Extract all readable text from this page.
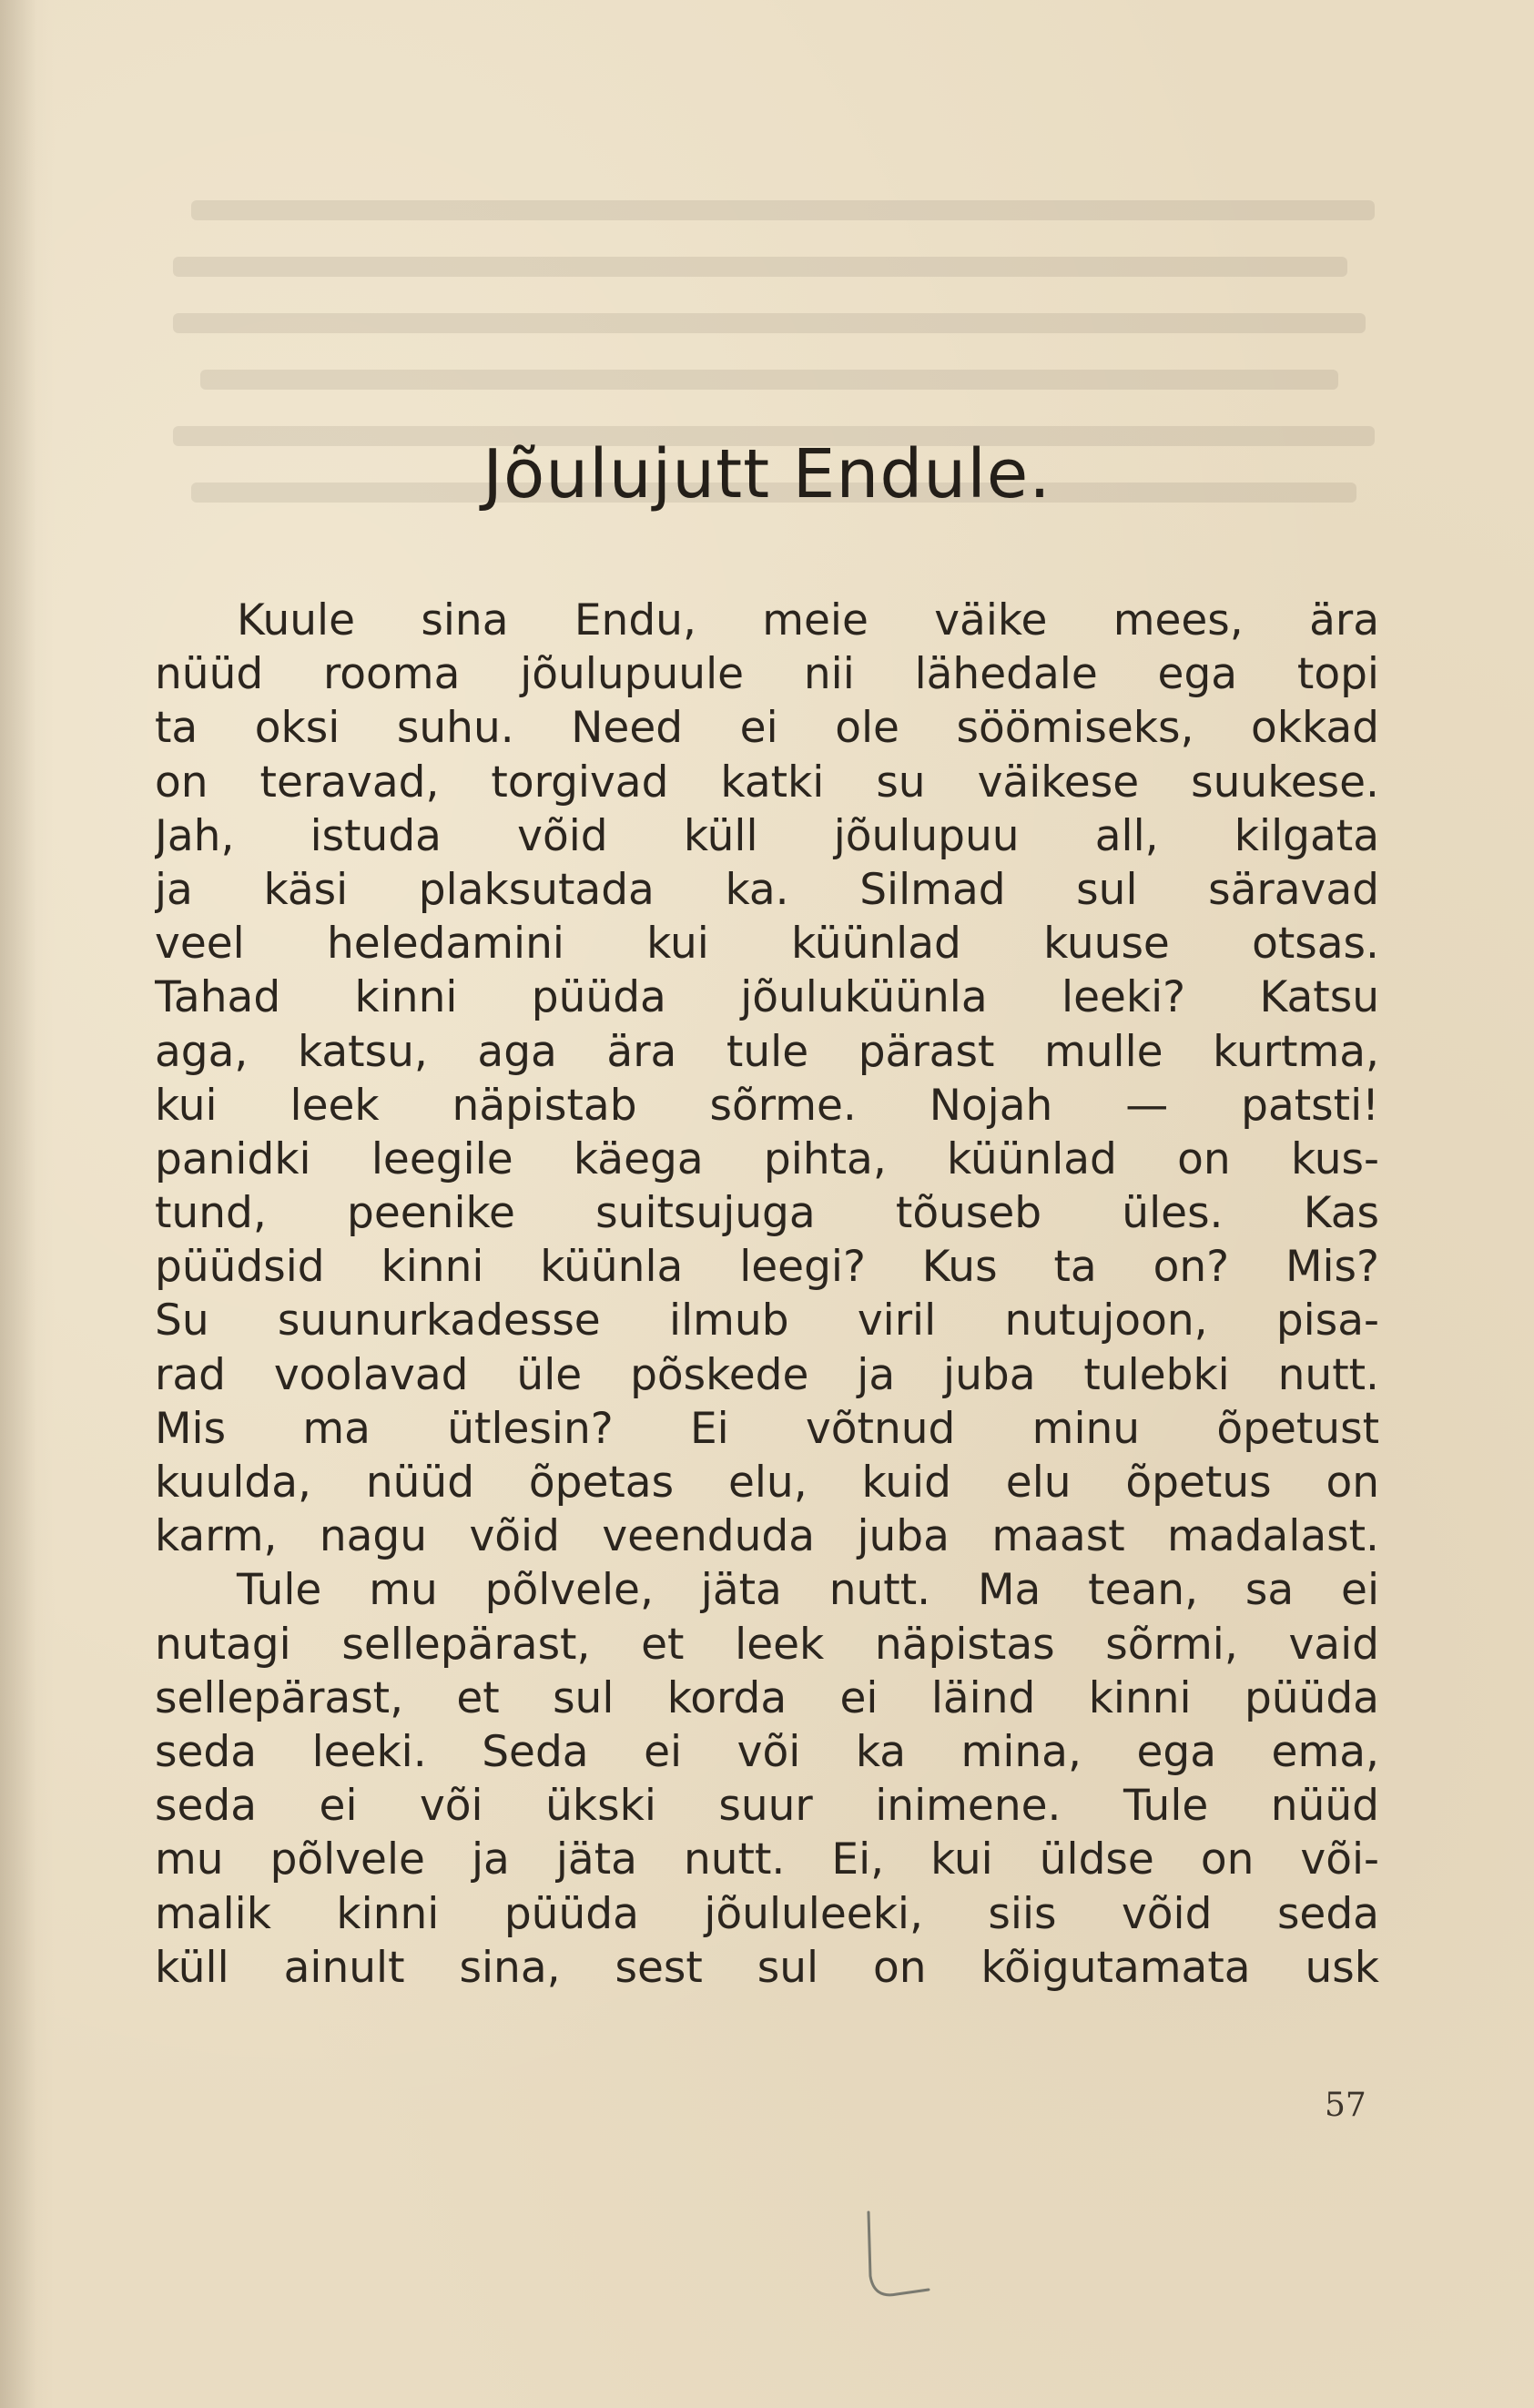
Jõulujutt Endule.

Kuule sina Endu, meie väike mees, ära
nüüd rooma jõulupuule nii lähedale ega topi
ta oksi suhu. Need ei ole söömiseks, okkad
on teravad, torgivad katki su väikese suukese.
Jah, istuda võid küll jõulupuu all, kilgata
ja käsi plaksutada ka. Silmad sul säravad
veel heledamini kui küünlad kuuse otsas.
Tahad kinni püüda jõuluküünla leeki? Katsu
aga, katsu, aga ära tule pärast mulle kurtma,
kui leek näpistab sõrme. Nojah — patsti!
panidki leegile käega pihta, küünlad on kus-
tund, peenike suitsujuga tõuseb üles. Kas
püüdsid kinni küünla leegi? Kus ta on? Mis?
Su suunurkadesse ilmub viril nutujoon, pisa-
rad voolavad üle põskede ja juba tulebki nutt.
Mis ma ütlesin? Ei võtnud minu õpetust
kuulda, nüüd õpetas elu, kuid elu õpetus on
karm, nagu võid veenduda juba maast madalast.

Tule mu põlvele, jäta nutt. Ma tean, sa ei
nutagi sellepärast, et leek näpistas sõrmi, vaid
sellepärast, et sul korda ei läind kinni püüda
seda leeki. Seda ei või ka mina, ega ema,
seda ei või ükski suur inimene. Tule nüüd
mu põlvele ja jäta nutt. Ei, kui üldse on või-
malik kinni püüda jõululeeki, siis võid seda
küll ainult sina, sest sul on kõigutamata usk

57
